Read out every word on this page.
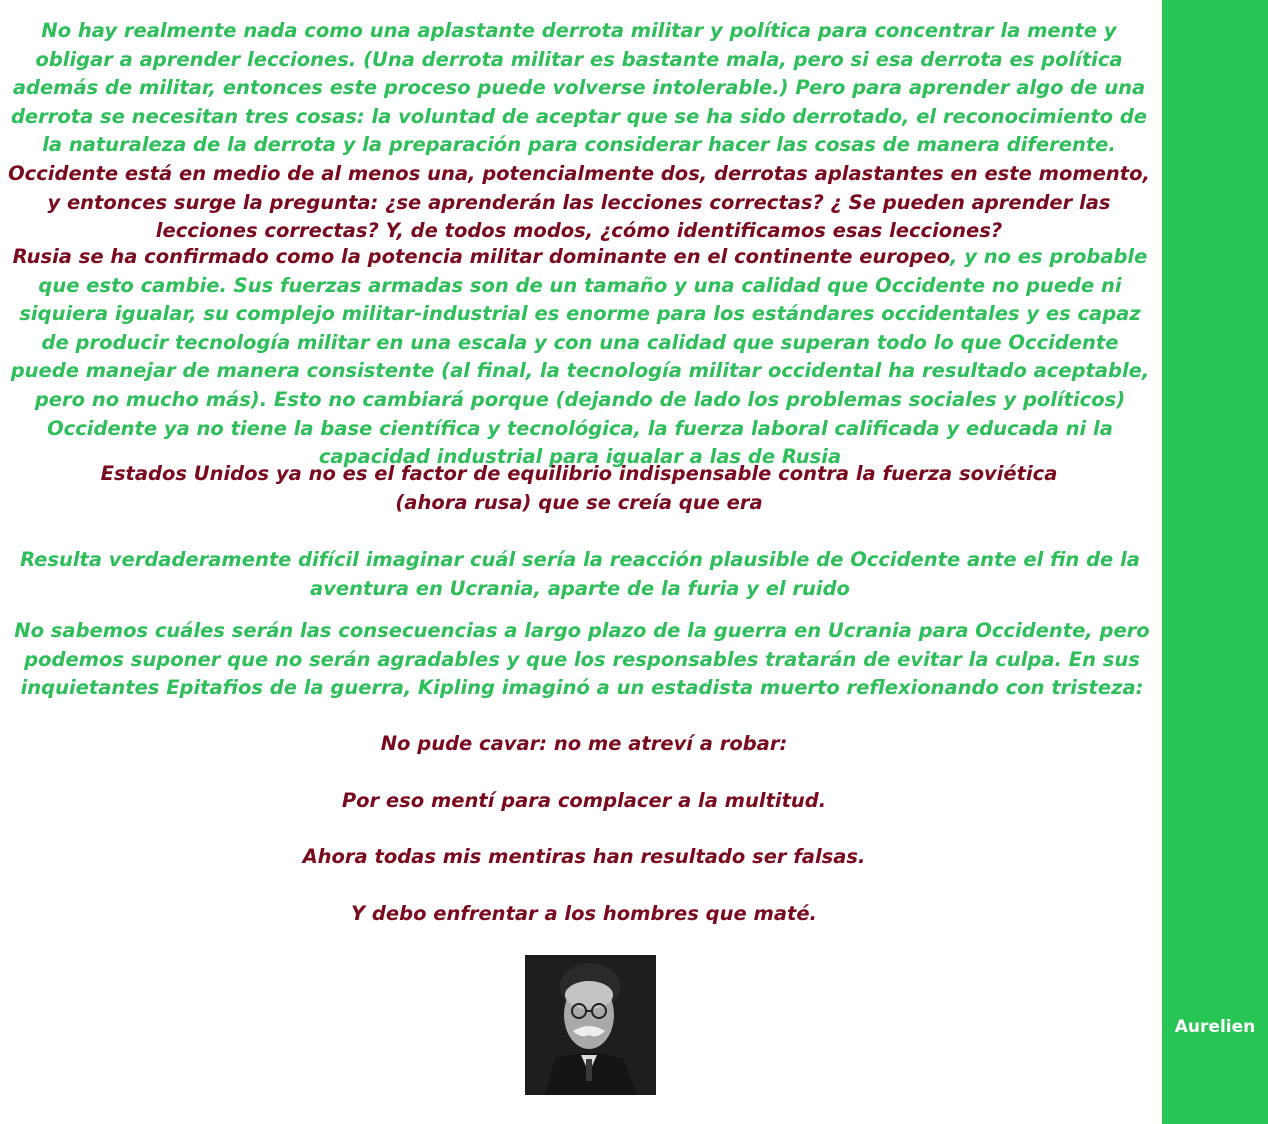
No hay realmente nada como una aplastante derrota militar y política para concentrar la mente y obligar a aprender lecciones. (Una derrota militar es bastante mala, pero si esa derrota es política además de militar, entonces este proceso puede volverse intolerable.) Pero para aprender algo de una derrota se necesitan tres cosas: la voluntad de aceptar que se ha sido derrotado, el reconocimiento de la naturaleza de la derrota y la preparación para considerar hacer las cosas de manera diferente. Occidente está en medio de al menos una, potencialmente dos, derrotas aplastantes en este momento, y entonces surge la pregunta: ¿se aprenderán las lecciones correctas? ¿ Se pueden aprender las lecciones correctas? Y, de todos modos, ¿cómo identificamos esas lecciones?

Rusia se ha confirmado como la potencia militar dominante en el continente europeo, y no es probable que esto cambie. Sus fuerzas armadas son de un tamaño y una calidad que Occidente no puede ni siquiera igualar, su complejo militar-industrial es enorme para los estándares occidentales y es capaz de producir tecnología militar en una escala y con una calidad que superan todo lo que Occidente puede manejar de manera consistente (al final, la tecnología militar occidental ha resultado aceptable, pero no mucho más). Esto no cambiará porque (dejando de lado los problemas sociales y políticos) Occidente ya no tiene la base científica y tecnológica, la fuerza laboral calificada y educada ni la capacidad industrial para igualar a las de Rusia

Estados Unidos ya no es el factor de equilibrio indispensable contra la fuerza soviética
(ahora rusa) que se creía que era

Resulta verdaderamente difícil imaginar cuál sería la reacción plausible de Occidente ante el fin de la aventura en Ucrania, aparte de la furia y el ruido

No sabemos cuáles serán las consecuencias a largo plazo de la guerra en Ucrania para Occidente, pero podemos suponer que no serán agradables y que los responsables tratarán de evitar la culpa. En sus inquietantes Epitafios de la guerra, Kipling imaginó a un estadista muerto reflexionando con tristeza:

No pude cavar: no me atreví a robar:

Por eso mentí para complacer a la multitud.

Ahora todas mis mentiras han resultado ser falsas.

Y debo enfrentar a los hombres que maté.

Aurelien
